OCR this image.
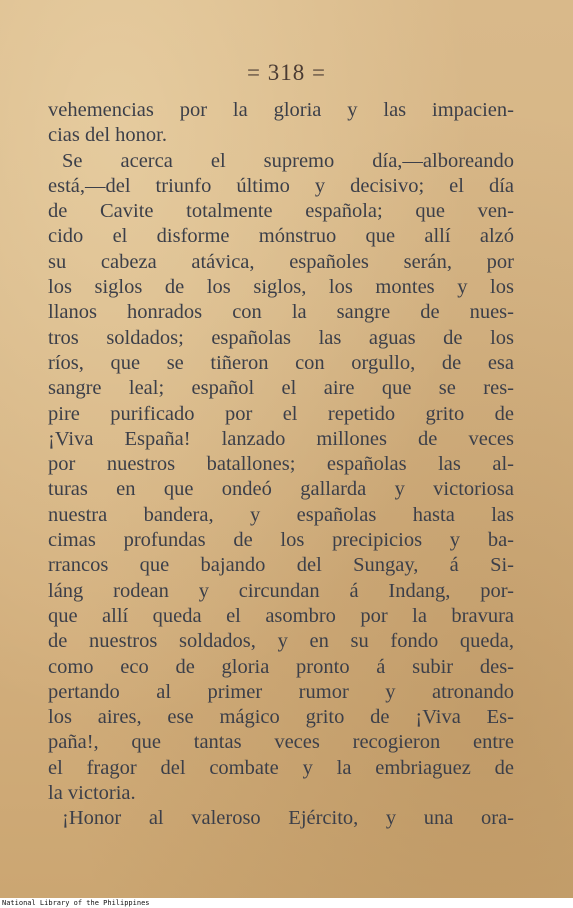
= 318 =
vehemencias por la gloria y las impacien-
cias del honor.
Se acerca el supremo día,—alboreando
está,—del triunfo último y decisivo; el día
de Cavite totalmente española; que ven-
cido el disforme mónstruo que allí alzó
su cabeza atávica, españoles serán, por
los siglos de los siglos, los montes y los
llanos honrados con la sangre de nues-
tros soldados; españolas las aguas de los
ríos, que se tiñeron con orgullo, de esa
sangre leal; español el aire que se res-
pire purificado por el repetido grito de
¡Viva España! lanzado millones de veces
por nuestros batallones; españolas las al-
turas en que ondeó gallarda y victoriosa
nuestra bandera, y españolas hasta las
cimas profundas de los precipicios y ba-
rrancos que bajando del Sungay, á Si-
láng rodean y circundan á Indang, por-
que allí queda el asombro por la bravura
de nuestros soldados, y en su fondo queda,
como eco de gloria pronto á subir des-
pertando al primer rumor y atronando
los aires, ese mágico grito de ¡Viva Es-
paña!, que tantas veces recogieron entre
el fragor del combate y la embriaguez de
la victoria.
¡Honor al valeroso Ejército, y una ora-
National Library of the Philippines
